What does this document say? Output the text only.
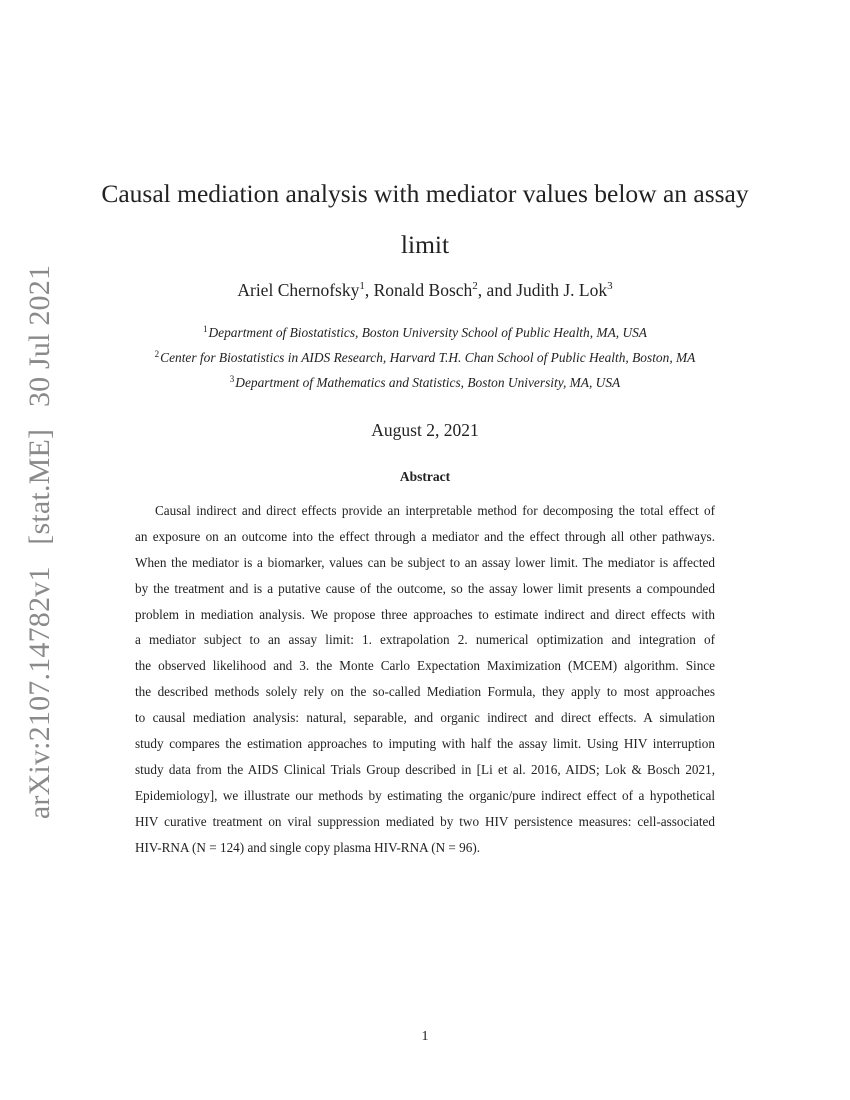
arXiv:2107.14782v1 [stat.ME] 30 Jul 2021
Causal mediation analysis with mediator values below an assay
limit
Ariel Chernofsky$^1$, Ronald Bosch$^2$, and Judith J. Lok$^3$
$^1$Department of Biostatistics, Boston University School of Public Health, MA, USA
$^2$Center for Biostatistics in AIDS Research, Harvard T.H. Chan School of Public Health, Boston, MA
$^3$Department of Mathematics and Statistics, Boston University, MA, USA
August 2, 2021
Abstract
Causal indirect and direct effects provide an interpretable method for decomposing the total effect of
an exposure on an outcome into the effect through a mediator and the effect through all other pathways.
When the mediator is a biomarker, values can be subject to an assay lower limit. The mediator is affected
by the treatment and is a putative cause of the outcome, so the assay lower limit presents a compounded
problem in mediation analysis. We propose three approaches to estimate indirect and direct effects with
a mediator subject to an assay limit: 1. extrapolation 2. numerical optimization and integration of
the observed likelihood and 3. the Monte Carlo Expectation Maximization (MCEM) algorithm. Since
the described methods solely rely on the so-called Mediation Formula, they apply to most approaches
to causal mediation analysis: natural, separable, and organic indirect and direct effects. A simulation
study compares the estimation approaches to imputing with half the assay limit. Using HIV interruption
study data from the AIDS Clinical Trials Group described in [Li et al. 2016, AIDS; Lok & Bosch 2021,
Epidemiology], we illustrate our methods by estimating the organic/pure indirect effect of a hypothetical
HIV curative treatment on viral suppression mediated by two HIV persistence measures: cell-associated
HIV-RNA (N = 124) and single copy plasma HIV-RNA (N = 96).
1
